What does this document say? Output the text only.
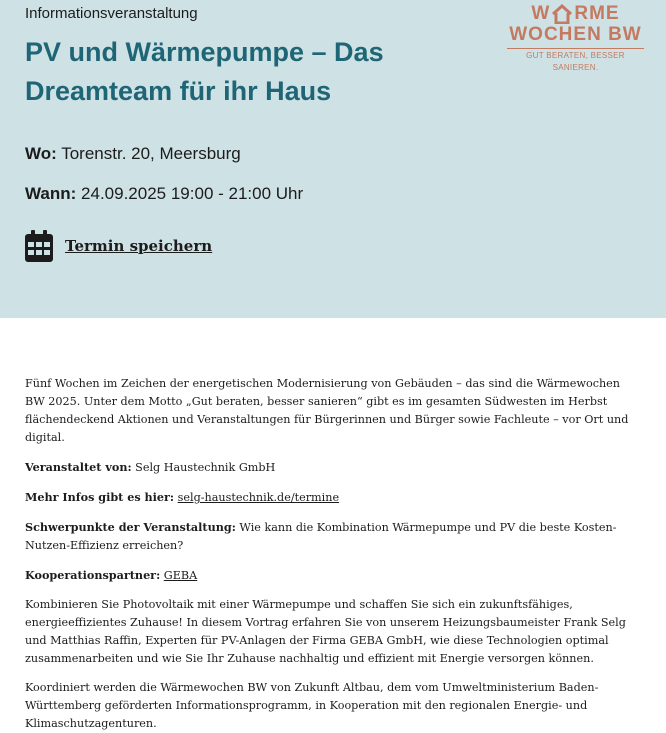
Informationsveranstaltung

PV und Wärmepumpe – Das Dreamteam für ihr Haus
W RME
WOCHEN BW
GUT BERATEN, BESSER SANIEREN.

Wo: Torenstr. 20, Meersburg

Wann: 24.09.2025 19:00 - 21:00 Uhr

Termin speichern

Fünf Wochen im Zeichen der energetischen Modernisierung von Gebäuden – das sind die Wärmewochen BW 2025. Unter dem Motto „Gut beraten, besser sanieren“ gibt es im gesamten Südwesten im Herbst flächendeckend Aktionen und Veranstaltungen für Bürgerinnen und Bürger sowie Fachleute – vor Ort und digital.

Veranstaltet von: Selg Haustechnik GmbH

Mehr Infos gibt es hier: selg-haustechnik.de/termine

Schwerpunkte der Veranstaltung: Wie kann die Kombination Wärmepumpe und PV die beste Kosten-Nutzen-Effizienz erreichen?

Kooperationspartner: GEBA

Kombinieren Sie Photovoltaik mit einer Wärmepumpe und schaffen Sie sich ein zukunftsfähiges, energieeffizientes Zuhause! In diesem Vortrag erfahren Sie von unserem Heizungsbaumeister Frank Selg und Matthias Raffin, Experten für PV-Anlagen der Firma GEBA GmbH, wie diese Technologien optimal zusammenarbeiten und wie Sie Ihr Zuhause nachhaltig und effizient mit Energie versorgen können.

Koordiniert werden die Wärmewochen BW von Zukunft Altbau, dem vom Umweltministerium Baden-Württemberg geförderten Informationsprogramm, in Kooperation mit den regionalen Energie- und Klimaschutzagenturen.
